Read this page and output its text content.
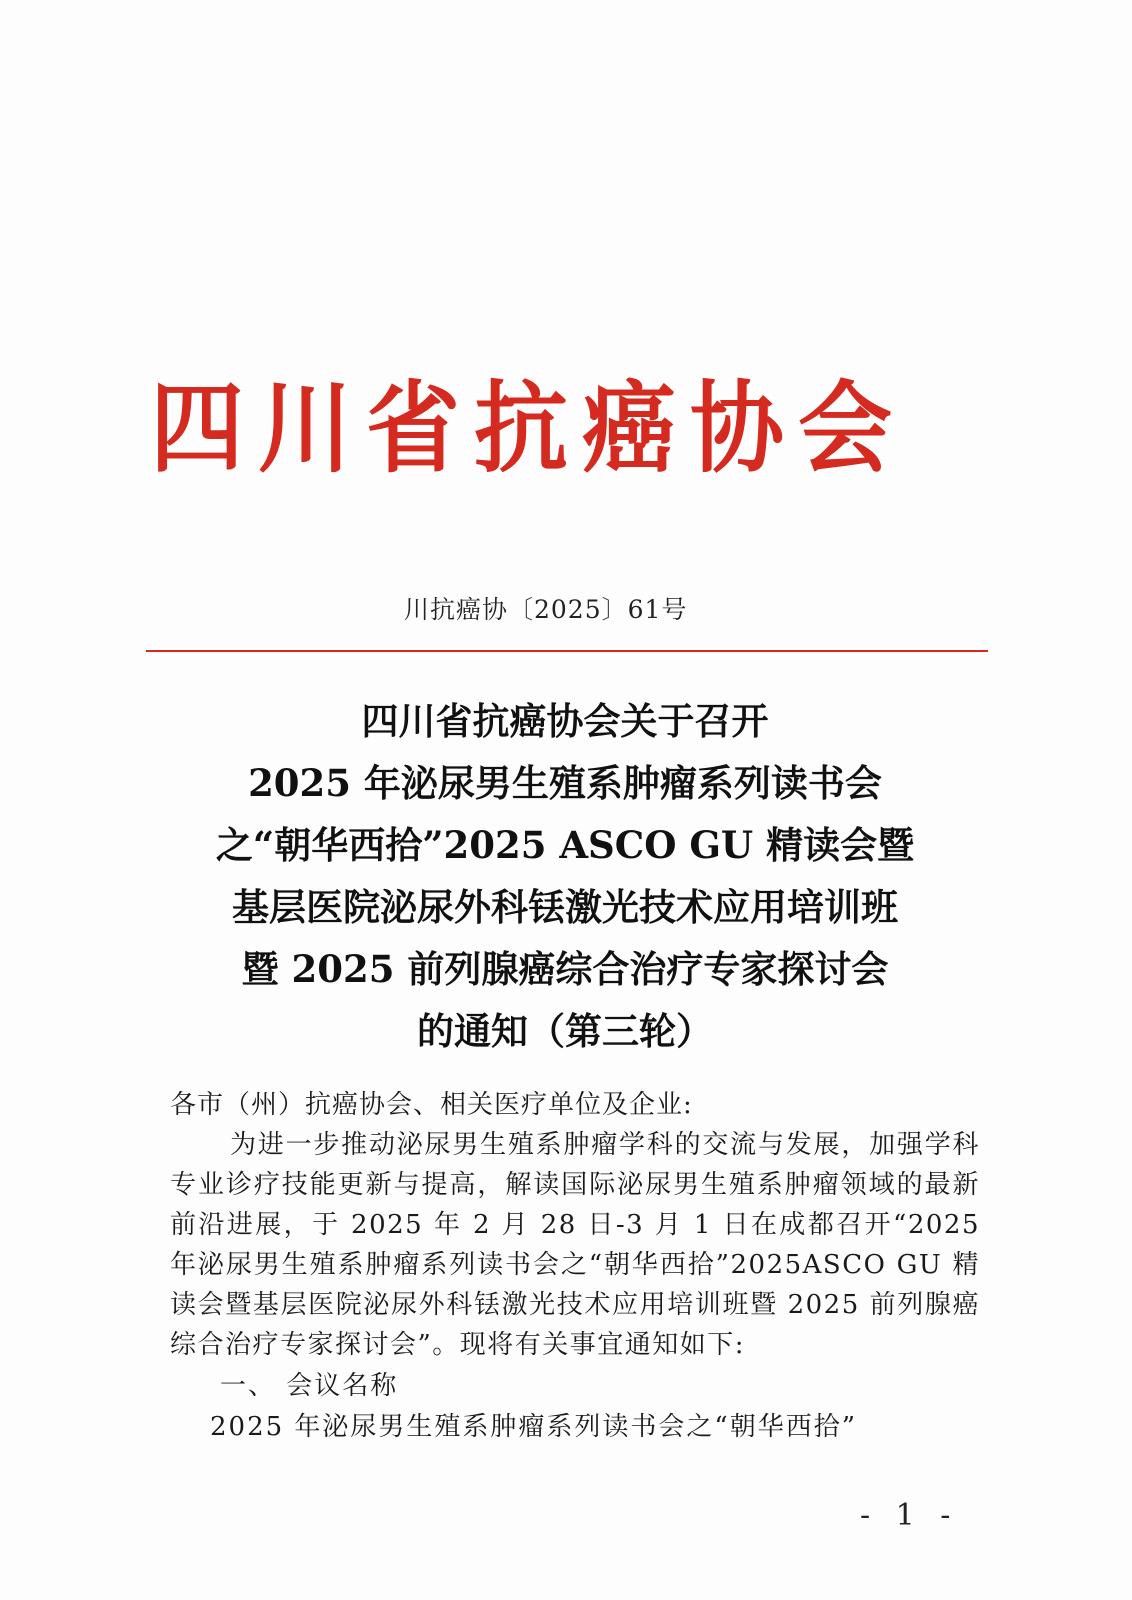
四川省抗癌协会
川抗癌协〔2025〕61号
四川省抗癌协会关于召开
2025 年泌尿男生殖系肿瘤系列读书会
之“朝华西拾”2025 ASCO GU 精读会暨
基层医院泌尿外科铥激光技术应用培训班
暨 2025 前列腺癌综合治疗专家探讨会
的通知（第三轮）
各市（州）抗癌协会、相关医疗单位及企业:

为进一步推动泌尿男生殖系肿瘤学科的交流与发展，加强学科专业诊疗技能更新与提高，解读国际泌尿男生殖系肿瘤领域的最新前沿进展，于 2025 年 2 月 28 日-3 月 1 日在成都召开“2025 年泌尿男生殖系肿瘤系列读书会之“朝华西拾”2025ASCO GU 精读会暨基层医院泌尿外科铥激光技术应用培训班暨 2025 前列腺癌综合治疗专家探讨会”。现将有关事宜通知如下:

一、 会议名称
2025 年泌尿男生殖系肿瘤系列读书会之“朝华西拾”
- 1 -
